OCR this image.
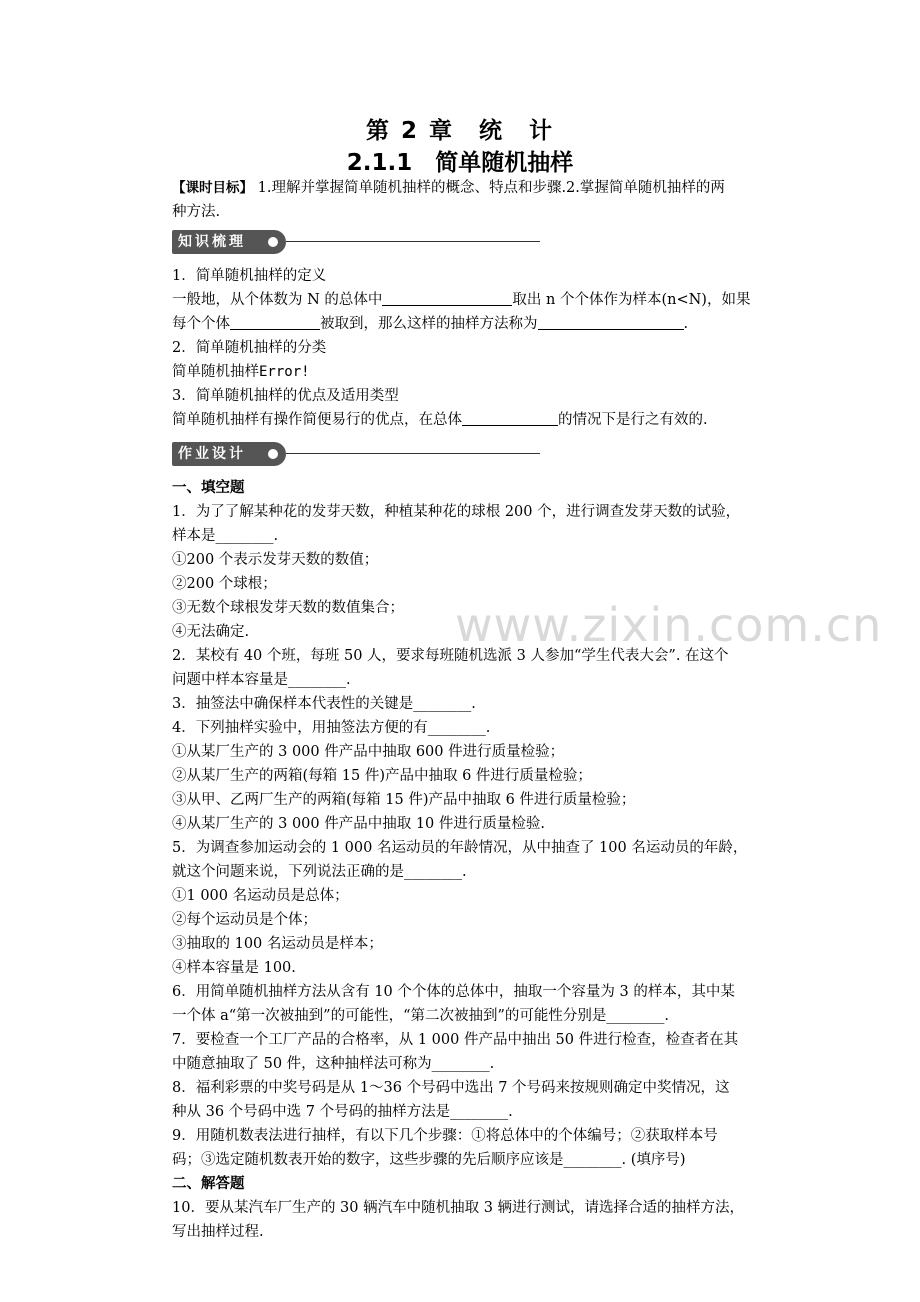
第 2 章　统　计
2.1.1　简单随机抽样
【课时目标】 1.理解并掌握简单随机抽样的概念、特点和步骤.2.掌握简单随机抽样的两
种方法.
知识梳理
1．简单随机抽样的定义
一般地，从个体数为 N 的总体中	取出 n 个个体作为样本(n<N)，如果
每个个体	被取到，那么这样的抽样方法称为	.
2．简单随机抽样的分类
简单随机抽样Error!
3．简单随机抽样的优点及适用类型
简单随机抽样有操作简便易行的优点，在总体	的情况下是行之有效的.
作业设计
一、填空题
1．为了了解某种花的发芽天数，种植某种花的球根 200 个，进行调查发芽天数的试验，
样本是________.
①200 个表示发芽天数的数值；
②200 个球根；
③无数个球根发芽天数的数值集合；
④无法确定.
2．某校有 40 个班，每班 50 人，要求每班随机选派 3 人参加“学生代表大会”. 在这个
问题中样本容量是________.
3．抽签法中确保样本代表性的关键是________.
4．下列抽样实验中，用抽签法方便的有________.
①从某厂生产的 3 000 件产品中抽取 600 件进行质量检验；
②从某厂生产的两箱(每箱 15 件)产品中抽取 6 件进行质量检验；
③从甲、乙两厂生产的两箱(每箱 15 件)产品中抽取 6 件进行质量检验；
④从某厂生产的 3 000 件产品中抽取 10 件进行质量检验.
5．为调查参加运动会的 1 000 名运动员的年龄情况，从中抽查了 100 名运动员的年龄，
就这个问题来说，下列说法正确的是________.
①1 000 名运动员是总体；
②每个运动员是个体；
③抽取的 100 名运动员是样本；
④样本容量是 100.
6．用简单随机抽样方法从含有 10 个个体的总体中，抽取一个容量为 3 的样本，其中某
一个体 a“第一次被抽到”的可能性，“第二次被抽到”的可能性分别是________.
7．要检查一个工厂产品的合格率，从 1 000 件产品中抽出 50 件进行检查，检查者在其
中随意抽取了 50 件，这种抽样法可称为________.
8．福利彩票的中奖号码是从 1～36 个号码中选出 7 个号码来按规则确定中奖情况，这
种从 36 个号码中选 7 个号码的抽样方法是________.
9．用随机数表法进行抽样，有以下几个步骤：①将总体中的个体编号；②获取样本号
码；③选定随机数表开始的数字，这些步骤的先后顺序应该是________. (填序号)
二、解答题
10．要从某汽车厂生产的 30 辆汽车中随机抽取 3 辆进行测试，请选择合适的抽样方法，
写出抽样过程.
www.zixin.com.cn
